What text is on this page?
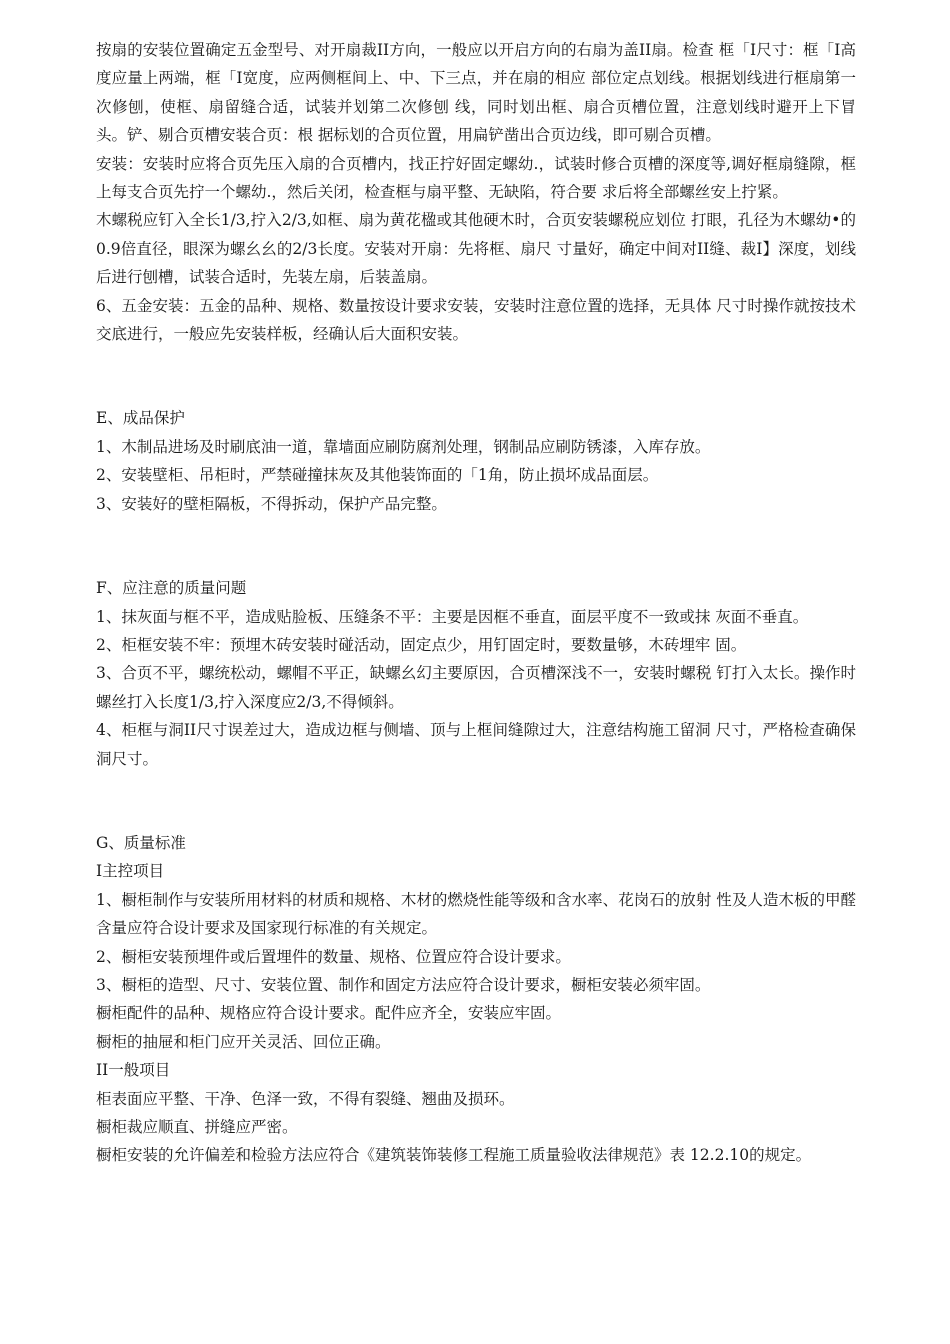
按扇的安装位置确定五金型号、对开扇裁II方向，一般应以开启方向的右扇为盖II扇。检查 框「I尺寸：框「I高度应量上两端，框「I宽度，应两侧框间上、中、下三点，并在扇的相应 部位定点划线。根据划线进行框扇第一次修刨，使框、扇留缝合适，试装并划第二次修刨 线，同时划出框、扇合页槽位置，注意划线时避开上下冒头。铲、剔合页槽安装合页：根 据标划的合页位置，用扁铲凿出合页边线，即可剔合页槽。

安装：安装时应将合页先压入扇的合页槽内，找正拧好固定螺幼.，试装时修合页槽的深度等,调好框扇缝隙，框上每支合页先拧一个螺幼.，然后关闭，检查框与扇平整、无缺陷，符合要 求后将全部螺丝安上拧紧。

木螺税应钉入全长1/3,拧入2/3,如框、扇为黄花楹或其他硬木时，合页安装螺税应划位 打眼，孔径为木螺幼•的0.9倍直径，眼深为螺幺幺的2/3长度。安装对开扇：先将框、扇尺 寸量好，确定中间对II缝、裁I】深度，划线后进行刨槽，试装合适时，先装左扇，后装盖扇。

6、五金安装：五金的品种、规格、数量按设计要求安装，安装时注意位置的选择，无具体 尺寸时操作就按技术交底进行，一般应先安装样板，经确认后大面积安装。

E、成品保护

1、木制品进场及时刷底油一道，靠墙面应刷防腐剂处理，钢制品应刷防锈漆，入库存放。

2、安装壁柜、吊柜时，严禁碰撞抹灰及其他装饰面的「1角，防止损坏成品面层。

3、安装好的壁柜隔板，不得拆动，保护产品完整。

F、应注意的质量问题

1、抹灰面与框不平，造成贴脸板、压缝条不平：主要是因框不垂直，面层平度不一致或抹 灰面不垂直。

2、柜框安装不牢：预埋木砖安装时碰活动，固定点少，用钉固定时，要数量够，木砖埋牢 固。

3、合页不平，螺统松动，螺帽不平正，缺螺幺幻主要原因，合页槽深浅不一，安装时螺税 钉打入太长。操作时螺丝打入长度1/3,拧入深度应2/3,不得倾斜。

4、柜框与洞II尺寸误差过大，造成边框与侧墙、顶与上框间缝隙过大，注意结构施工留洞 尺寸，严格检查确保洞尺寸。

G、质量标准

I主控项目

1、橱柜制作与安装所用材料的材质和规格、木材的燃烧性能等级和含水率、花岗石的放射 性及人造木板的甲醛含量应符合设计要求及国家现行标准的有关规定。

2、橱柜安装预埋件或后置埋件的数量、规格、位置应符合设计要求。

3、橱柜的造型、尺寸、安装位置、制作和固定方法应符合设计要求，橱柜安装必须牢固。

橱柜配件的品种、规格应符合设计要求。配件应齐全，安装应牢固。

橱柜的抽屉和柜门应开关灵活、回位正确。

II一般项目

柜表面应平整、干净、色泽一致，不得有裂缝、翘曲及损环。

橱柜裁应顺直、拼缝应严密。

橱柜安装的允许偏差和检验方法应符合《建筑装饰装修工程施工质量验收法律规范》表 12.2.10的规定。
